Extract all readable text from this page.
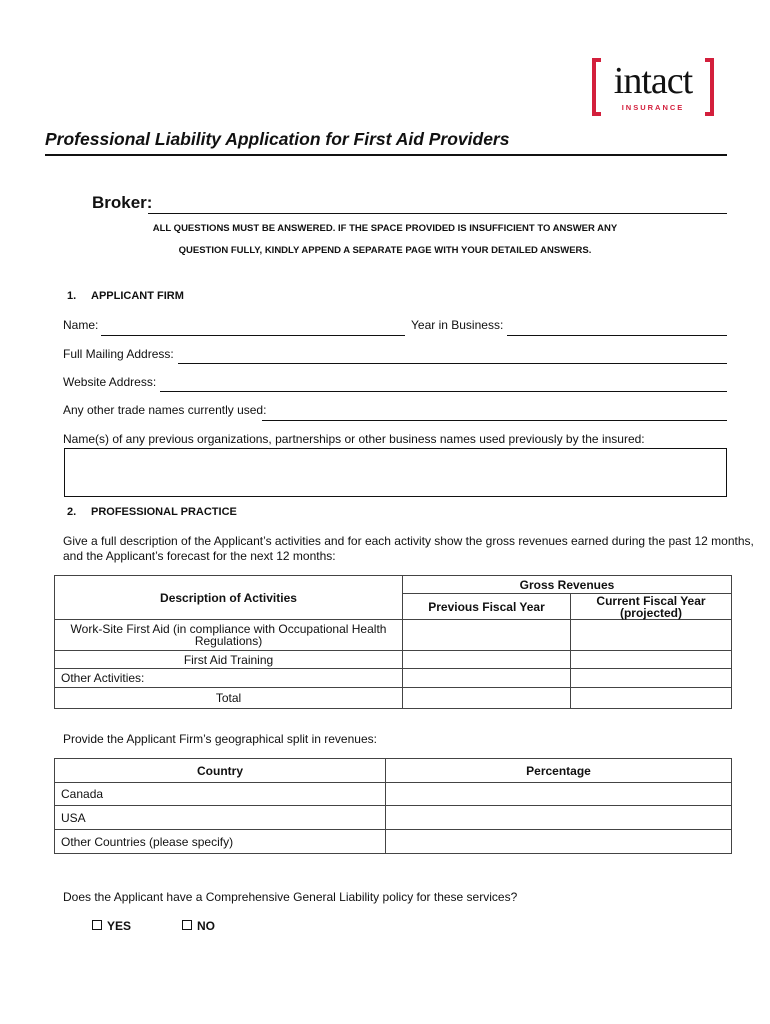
intact
INSURANCE
Professional Liability Application for First Aid Providers
Broker:
ALL QUESTIONS MUST BE ANSWERED. IF THE SPACE PROVIDED IS INSUFFICIENT TO ANSWER ANY
QUESTION FULLY, KINDLY APPEND A SEPARATE PAGE WITH YOUR DETAILED ANSWERS.
1. APPLICANT FIRM
Name:	Year in Business:
Full Mailing Address:
Website Address:
Any other trade names currently used:
Name(s) of any previous organizations, partnerships or other business names used previously by the insured:
2. PROFESSIONAL PRACTICE
Give a full description of the Applicant’s activities and for each activity show the gross revenues earned during the past 12 months,
and the Applicant’s forecast for the next 12 months:
Description of Activities	Gross Revenues	
	Previous Fiscal Year	Current Fiscal Year
(projected)

Work-Site First Aid (in compliance with Occupational Health
Regulations)		

First Aid Training		
Other Activities:		
Total		
Provide the Applicant Firm’s geographical split in revenues:
Country	Percentage
Canada	
USA	
Other Countries (please specify)	
Does the Applicant have a Comprehensive General Liability policy for these services?
YES	NO
